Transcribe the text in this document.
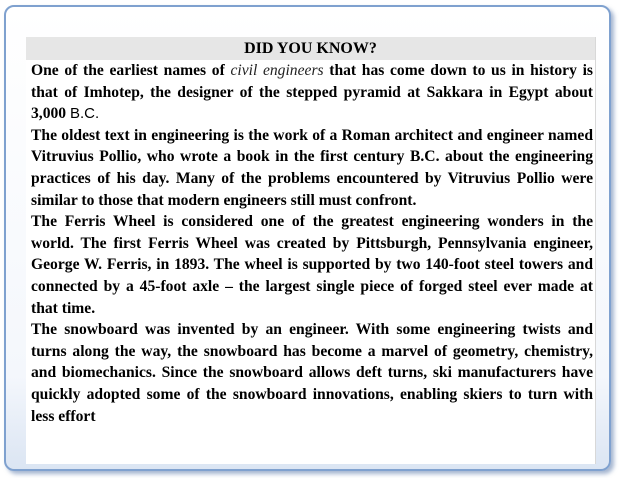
DID YOU KNOW?

One of the earliest names of civil engineers that has come down to us in history is that of Imhotep, the designer of the stepped pyramid at Sakkara in Egypt about 3,000 B.C.

The oldest text in engineering is the work of a Roman architect and engineer named Vitruvius Pollio, who wrote a book in the first century B.C. about the engineering practices of his day. Many of the problems encountered by Vitruvius Pollio were similar to those that modern engineers still must confront.

The Ferris Wheel is considered one of the greatest engineering wonders in the world. The first Ferris Wheel was created by Pittsburgh, Pennsylvania engineer, George W. Ferris, in 1893. The wheel is supported by two 140-foot steel towers and connected by a 45-foot axle – the largest single piece of forged steel ever made at that time.

The snowboard was invented by an engineer. With some engineering twists and turns along the way, the snowboard has become a marvel of geometry, chemistry, and biomechanics. Since the snowboard allows deft turns, ski manufacturers have quickly adopted some of the snowboard innovations, enabling skiers to turn with less effort
